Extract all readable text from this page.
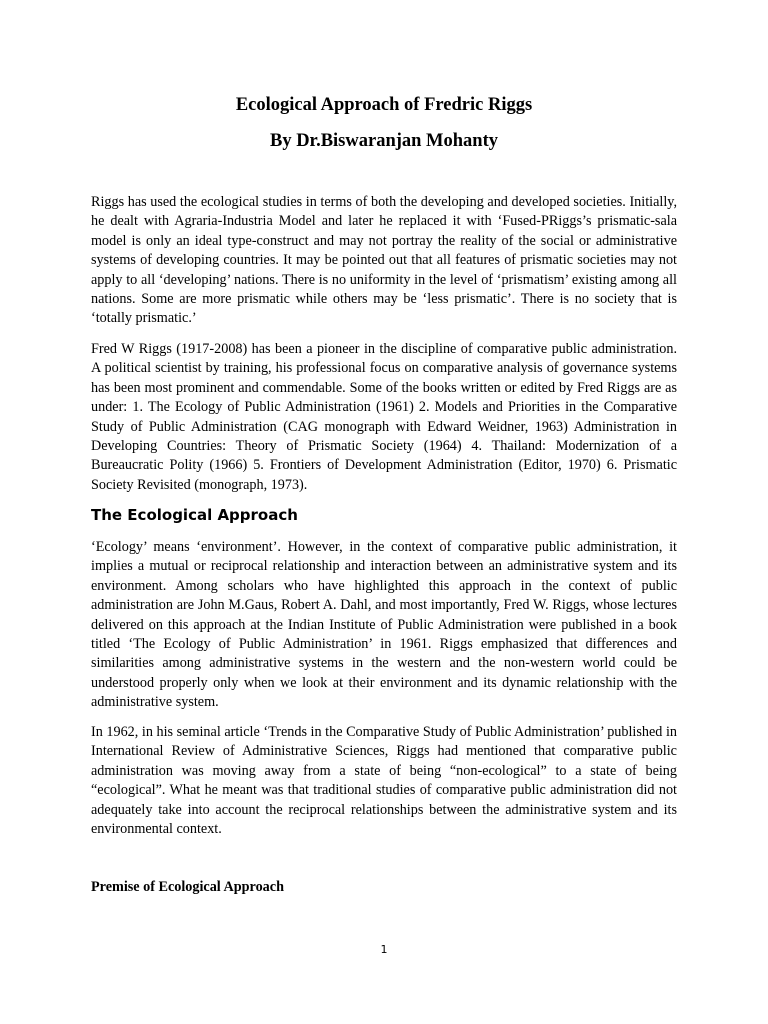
Ecological Approach of Fredric Riggs
By Dr.Biswaranjan Mohanty

Riggs has used the ecological studies in terms of both the developing and developed societies. Initially, he dealt with Agraria-Industria Model and later he replaced it with ‘Fused-PRiggs’s prismatic-sala model is only an ideal type-construct and may not portray the reality of the social or administrative systems of developing countries. It may be pointed out that all features of prismatic societies may not apply to all ‘developing’ nations. There is no uniformity in the level of ‘prismatism’ existing among all nations. Some are more prismatic while others may be ‘less prismatic’. There is no society that is ‘totally prismatic.’

Fred W Riggs (1917-2008) has been a pioneer in the discipline of comparative public administration. A political scientist by training, his professional focus on comparative analysis of governance systems has been most prominent and commendable. Some of the books written or edited by Fred Riggs are as under: 1. The Ecology of Public Administration (1961) 2. Models and Priorities in the Comparative Study of Public Administration (CAG monograph with Edward Weidner, 1963) Administration in Developing Countries: Theory of Prismatic Society (1964) 4. Thailand: Modernization of a Bureaucratic Polity (1966) 5. Frontiers of Development Administration (Editor, 1970) 6. Prismatic Society Revisited (monograph, 1973).

The Ecological Approach

‘Ecology’ means ‘environment’. However, in the context of comparative public administration, it implies a mutual or reciprocal relationship and interaction between an administrative system and its environment. Among scholars who have highlighted this approach in the context of public administration are John M.Gaus, Robert A. Dahl, and most importantly, Fred W. Riggs, whose lectures delivered on this approach at the Indian Institute of Public Administration were published in a book titled ‘The Ecology of Public Administration’ in 1961. Riggs emphasized that differences and similarities among administrative systems in the western and the non-western world could be understood properly only when we look at their environment and its dynamic relationship with the administrative system.

In 1962, in his seminal article ‘Trends in the Comparative Study of Public Administration’ published in International Review of Administrative Sciences, Riggs had mentioned that comparative public administration was moving away from a state of being “non-ecological” to a state of being “ecological”. What he meant was that traditional studies of comparative public administration did not adequately take into account the reciprocal relationships between the administrative system and its environmental context.

Premise of Ecological Approach
1
